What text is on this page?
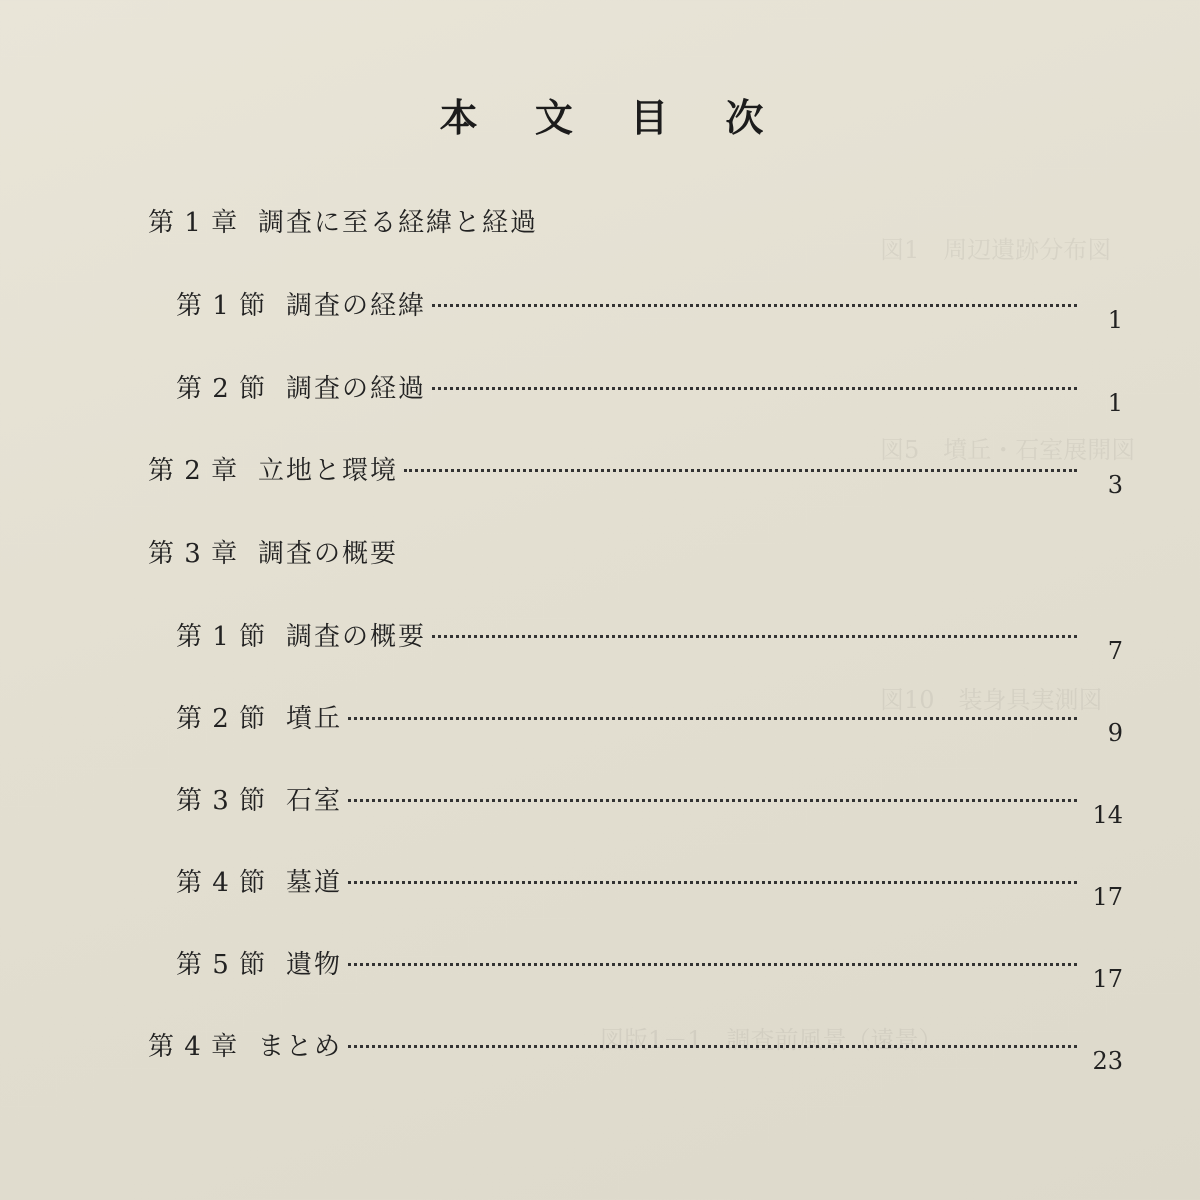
図1　周辺遺跡分布図
図5　墳丘・石室展開図
図10　装身具実測図
図版1－1　調査前風景（遠景）
本 文 目 次
第 1 章 調査に至る経緯と経過
第 1 節 調査の経緯	1
第 2 節 調査の経過	1
第 2 章 立地と環境	3
第 3 章 調査の概要
第 1 節 調査の概要	7
第 2 節 墳丘	9
第 3 節 石室	14
第 4 節 墓道	17
第 5 節 遺物	17
第 4 章 まとめ	23
